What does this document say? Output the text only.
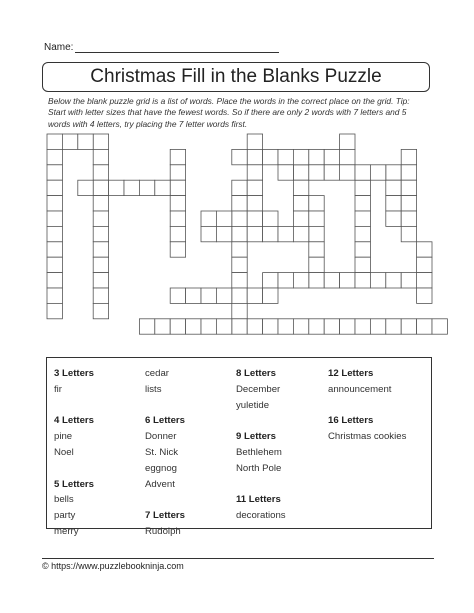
Name:
Christmas Fill in the Blanks Puzzle
Below the blank puzzle grid is a list of words. Place the words in the correct place on the grid. Tip: Start with letter sizes that have the fewest words. So if there are only 2 words with 7 letters and 5 words with 4 letters, try placing the 7 letter words first.
3 Letters
fir
4 Letters
pine
Noel
5 Letters
bells
party
merry
cedar
lists
6 Letters
Donner
St. Nick
eggnog
Advent
7 Letters
Rudolph
8 Letters
December
yuletide
9 Letters
Bethlehem
North Pole
11 Letters
decorations
12 Letters
announcement
16 Letters
Christmas cookies
© https://www.puzzlebookninja.com
